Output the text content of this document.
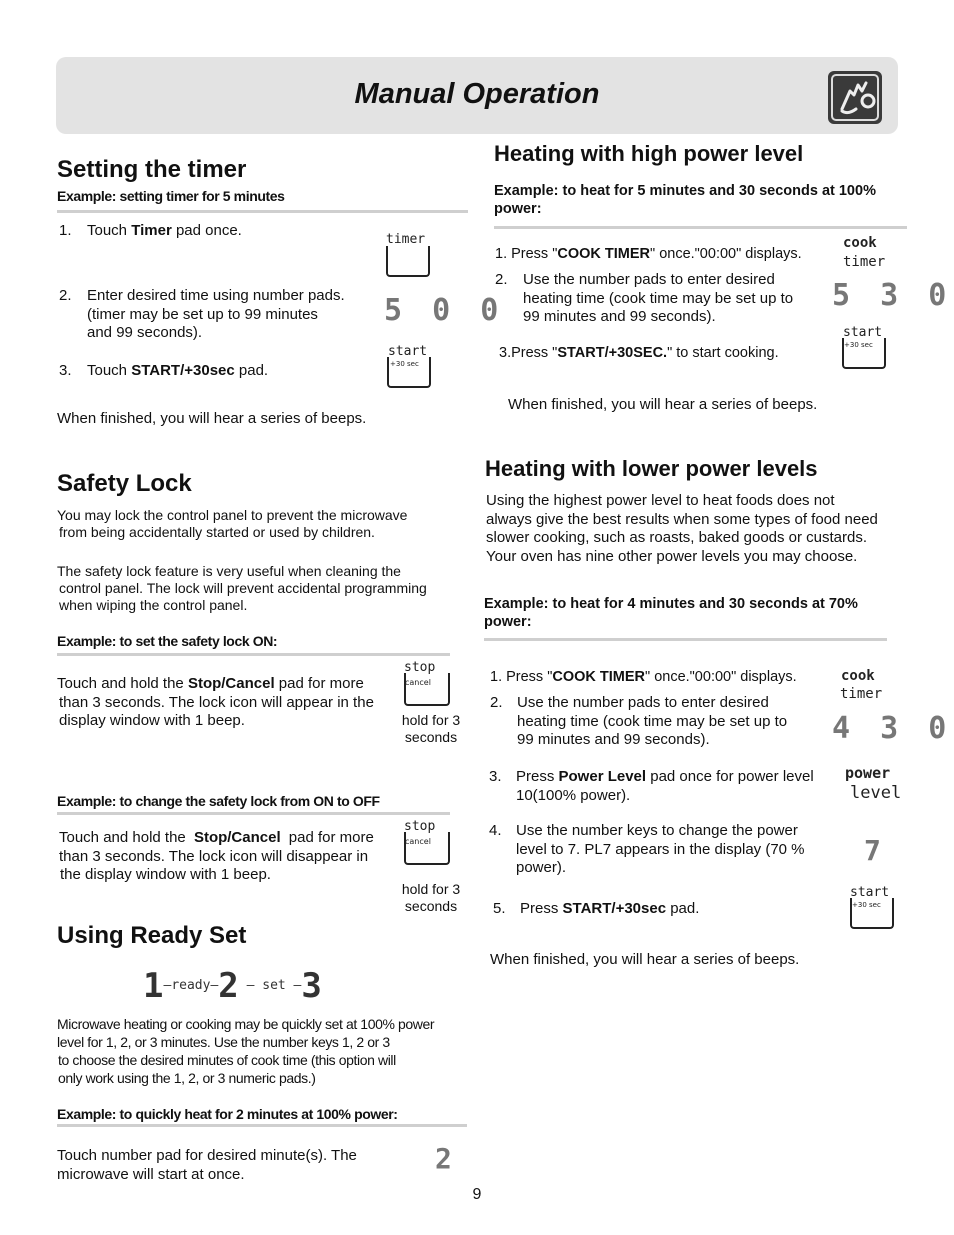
Manual Operation
Setting the timer
Example: setting timer for 5 minutes
1. Touch Timer pad once.
2. Enter desired time using number pads.
(timer may be set up to 99 minutes
and 99 seconds).
3. Touch START/+30sec pad.
When finished, you will hear a series of beeps.
timer
5 0 0
start
+30 sec
Safety Lock
You may lock the control panel to prevent the microwave
from being accidentally started or used by children.
The safety lock feature is very useful when cleaning the
control panel. The lock will prevent accidental programming
when wiping the control panel.
Example: to set the safety lock ON:
Touch and hold the Stop/Cancel pad for more
than 3 seconds. The lock icon will appear in the
display window with 1 beep.
stop
cancel
hold for 3
seconds
Example: to change the safety lock from ON to OFF
Touch and hold the Stop/Cancel pad for more
than 3 seconds. The lock icon will disappear in
the display window with 1 beep.
stop
cancel
hold for 3
seconds
Using Ready Set
$1^{—ready—}2$ $^{— set —}$3
Microwave heating or cooking may be quickly set at 100% power
level for 1, 2, or 3 minutes. Use the number keys 1, 2 or 3
to choose the desired minutes of cook time (this option will
only work using the 1, 2, or 3 numeric pads.)
Example: to quickly heat for 2 minutes at 100% power:
Touch number pad for desired minute(s). The
microwave will start at once.	2
9
Heating with high power level
Example: to heat for 5 minutes and 30 seconds at 100%
power:
1. Press "COOK TIMER" once."00:00" displays.
2. Use the number pads to enter desired
heating time (cook time may be set up to
99 minutes and 99 seconds).
3.Press "START/+30SEC." to start cooking.
When finished, you will hear a series of beeps.
cook
timer
5 3 0
start
+30 sec
Heating with lower power levels
Using the highest power level to heat foods does not
always give the best results when some types of food need
slower cooking, such as roasts, baked goods or custards.
Your oven has nine other power levels you may choose.
Example: to heat for 4 minutes and 30 seconds at 70%
power:
1. Press "COOK TIMER" once."00:00" displays.
2. Use the number pads to enter desired
heating time (cook time may be set up to
99 minutes and 99 seconds).
3. Press Power Level pad once for power level
10(100% power).
4. Use the number keys to change the power
level to 7. PL7 appears in the display (70 %
power).
5. Press START/+30sec pad.
When finished, you will hear a series of beeps.
cook
timer
4 3 0
power
level
7
start
+30 sec
